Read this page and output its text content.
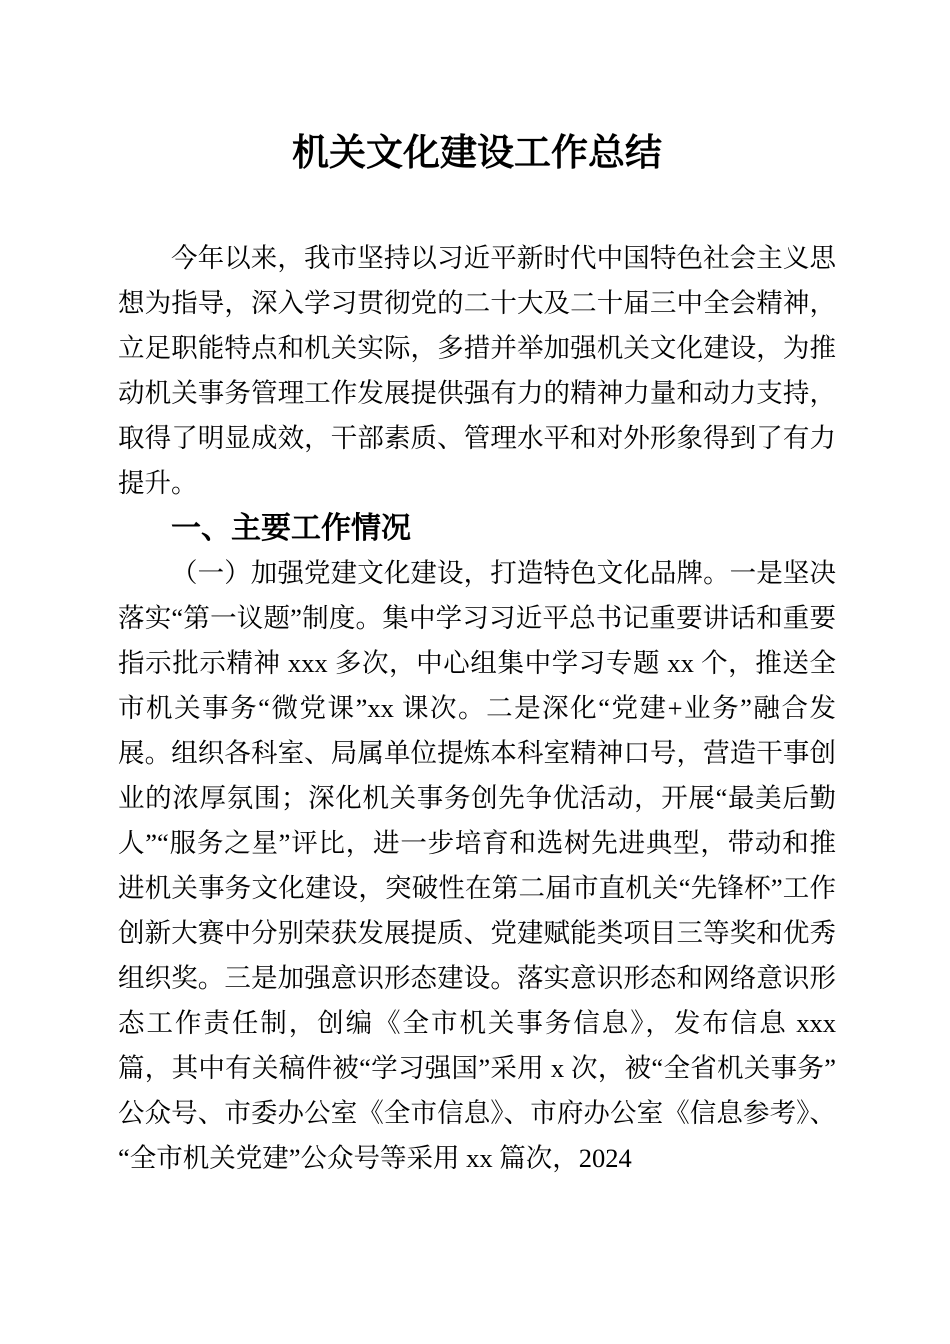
机关文化建设工作总结

今年以来，我市坚持以习近平新时代中国特色社会主义思想为指导，深入学习贯彻党的二十大及二十届三中全会精神，立足职能特点和机关实际，多措并举加强机关文化建设，为推动机关事务管理工作发展提供强有力的精神力量和动力支持，取得了明显成效，干部素质、管理水平和对外形象得到了有力提升。

一、主要工作情况

（一）加强党建文化建设，打造特色文化品牌。一是坚决落实“第一议题”制度。集中学习习近平总书记重要讲话和重要指示批示精神 xxx 多次，中心组集中学习专题 xx 个，推送全市机关事务“微党课”xx 课次。二是深化“党建+业务”融合发展。组织各科室、局属单位提炼本科室精神口号，营造干事创业的浓厚氛围；深化机关事务创先争优活动，开展“最美后勤人”“服务之星”评比，进一步培育和选树先进典型，带动和推进机关事务文化建设，突破性在第二届市直机关“先锋杯”工作创新大赛中分别荣获发展提质、党建赋能类项目三等奖和优秀组织奖。三是加强意识形态建设。落实意识形态和网络意识形态工作责任制，创编《全市机关事务信息》，发布信息 xxx 篇，其中有关稿件被“学习强国”采用 x 次，被“全省机关事务”公众号、市委办公室《全市信息》、市府办公室《信息参考》、“全市机关党建”公众号等采用 xx 篇次，2024
